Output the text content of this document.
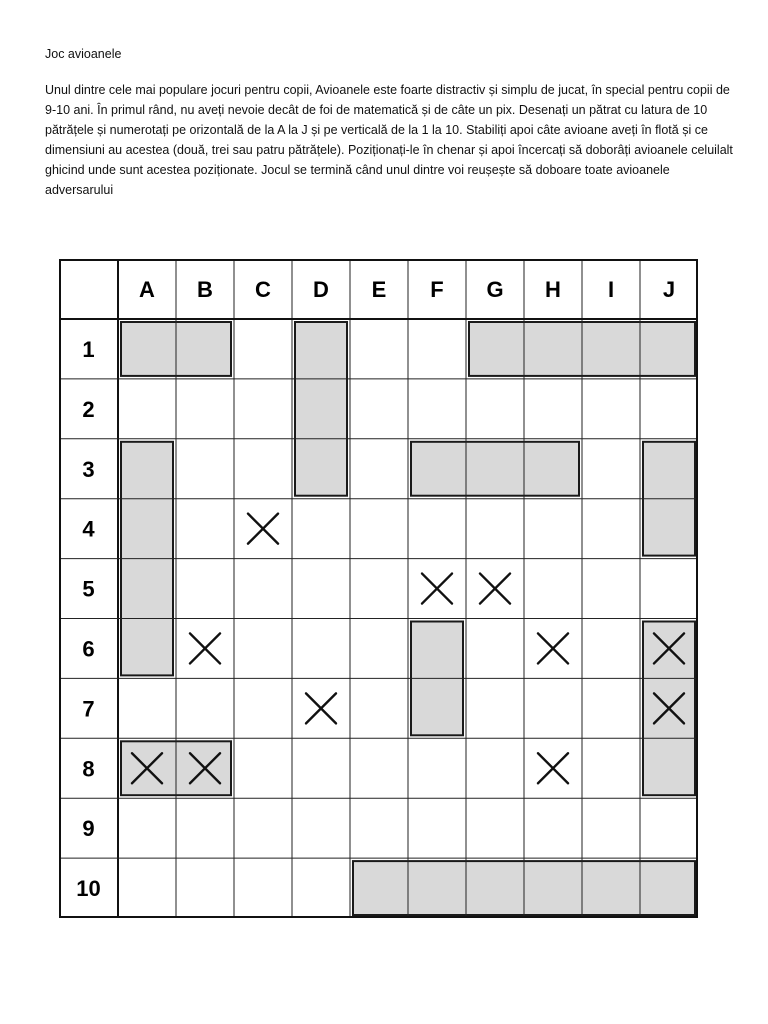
Joc avioanele
Unul dintre cele mai populare jocuri pentru copii, Avioanele este foarte distractiv și simplu de jucat, în special pentru copii de 9-10 ani. În primul rând, nu aveți nevoie decât de foi de matematică și de câte un pix. Desenați un pătrat cu latura de 10 pătrățele și numerotați pe orizontală de la A la J și pe verticală de la 1 la 10. Stabiliți apoi câte avioane aveți în flotă și ce dimensiuni au acestea (două, trei sau patru pătrățele). Poziționați-le în chenar și apoi încercați să doborâți avioanele celuilalt ghicind unde sunt acestea poziționate. Jocul se termină când unul dintre voi reușește să doboare toate avioanele adversarului
A B C D E F G H I J
1
2
3
4
5
6
7
8
9
10
